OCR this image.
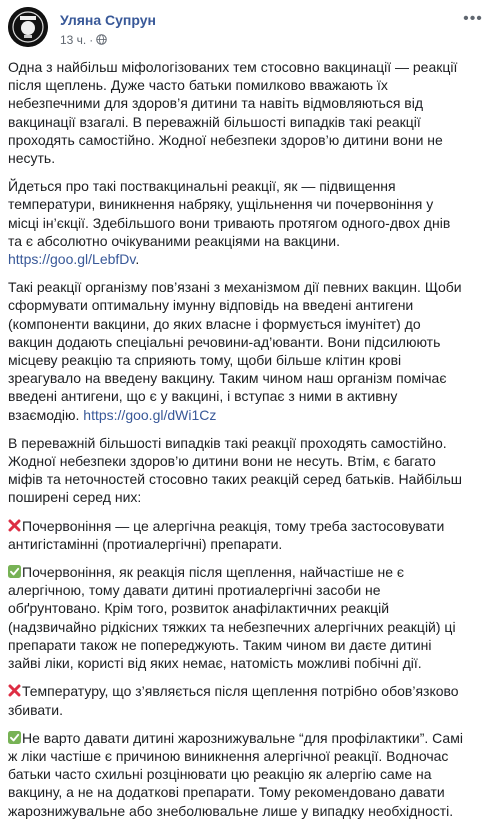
Уляна Супрун
13 ч. ·
•••

Одна з найбільш міфологізованих тем стосовно вакцинації — реакції після щеплень. Дуже часто батьки помилково вважають їх небезпечними для здоров’я дитини та навіть відмовляються від вакцинації взагалі. В переважній більшості випадків такі реакції проходять самостійно. Жодної небезпеки здоров’ю дитини вони не несуть.

Йдеться про такі поствакцинальні реакції, як — підвищення температури, виникнення набряку, ущільнення чи почервоніння у місці ін’єкції. Здебільшого вони тривають протягом одного-двох днів та є абсолютно очікуваними реакціями на вакцини. https://goo.gl/LebfDv.

Такі реакції організму пов’язані з механізмом дії певних вакцин. Щоби сформувати оптимальну імунну відповідь на введені антигени (компоненти вакцини, до яких власне і формується імунітет) до вакцин додають спеціальні речовини-ад’юванти. Вони підсилюють місцеву реакцію та сприяють тому, щоби більше клітин крові зреагувало на введену вакцину. Таким чином наш організм помічає введені антигени, що є у вакцині, і вступає з ними в активну взаємодію. https://goo.gl/dWi1Cz

В переважній більшості випадків такі реакції проходять самостійно. Жодної небезпеки здоров’ю дитини вони не несуть. Втім, є багато міфів та неточностей стосовно таких реакцій серед батьків. Найбільш поширені серед них:

Почервоніння — це алергічна реакція, тому треба застосовувати антигістамінні (протиалергічні) препарати.

Почервоніння, як реакція після щеплення, найчастіше не є алергічною, тому давати дитині протиалергічні засоби не обґрунтовано. Крім того, розвиток анафілактичних реакцій (надзвичайно рідкісних тяжких та небезпечних алергічних реакцій) ці препарати також не попереджують. Таким чином ви даєте дитині зайві ліки, користі від яких немає, натомість можливі побічні дії.

Температуру, що з’являється після щеплення потрібно обов’язково збивати.

Не варто давати дитині жарознижувальне “для профілактики”. Самі ж ліки частіше є причиною виникнення алергічної реакції. Водночас батьки часто схильні розцінювати цю реакцію як алергію саме на вакцину, а не на додаткові препарати. Тому рекомендовано давати жарознижувальне або знеболювальне лише у випадку необхідності.
